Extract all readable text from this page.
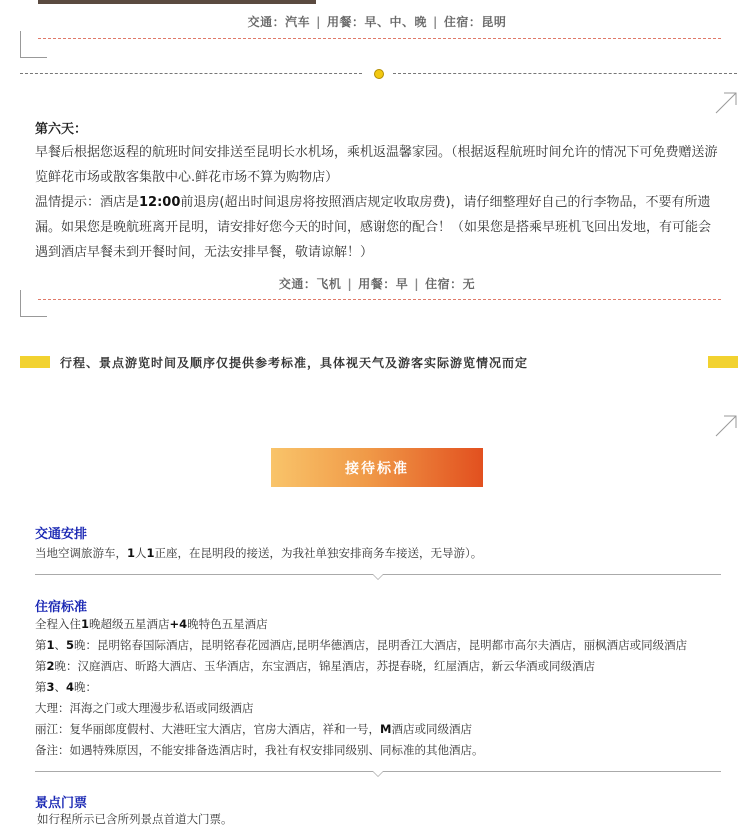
交通：汽车 | 用餐：早、中、晚 | 住宿：昆明
第六天：

早餐后根据您返程的航班时间安排送至昆明长水机场，乘机返温馨家园。（根据返程航班时间允许的情况下可免费赠送游览鲜花市场或散客集散中心.鲜花市场不算为购物店）

温情提示：酒店是12:00前退房(超出时间退房将按照酒店规定收取房费)，请仔细整理好自己的行李物品，不要有所遗漏。如果您是晚航班离开昆明，请安排好您今天的时间，感谢您的配合！（如果您是搭乘早班机飞回出发地，有可能会遇到酒店早餐未到开餐时间，无法安排早餐，敬请谅解！）

交通：飞机 | 用餐：早 | 住宿：无
行程、景点游览时间及顺序仅提供参考标准，具体视天气及游客实际游览情况而定
接待标准
交通安排

当地空调旅游车，1人1正座，在昆明段的接送，为我社单独安排商务车接送，无导游）。

住宿标准

全程入住1晚超级五星酒店+4晚特色五星酒店

第1、5晚：昆明铭春国际酒店，昆明铭春花园酒店,昆明华德酒店，昆明香江大酒店，昆明都市高尔夫酒店，丽枫酒店或同级酒店

第2晚：汉庭酒店、昕路大酒店、玉华酒店，东宝酒店，锦星酒店，苏提春晓，红屋酒店，新云华酒或同级酒店

第3、4晚：

大理：洱海之门或大理漫步私语或同级酒店

丽江：复华丽郎度假村、大港旺宝大酒店，官房大酒店，祥和一号，M酒店或同级酒店

备注：如遇特殊原因，不能安排备选酒店时，我社有权安排同级别、同标准的其他酒店。

景点门票

如行程所示已含所列景点首道大门票。
